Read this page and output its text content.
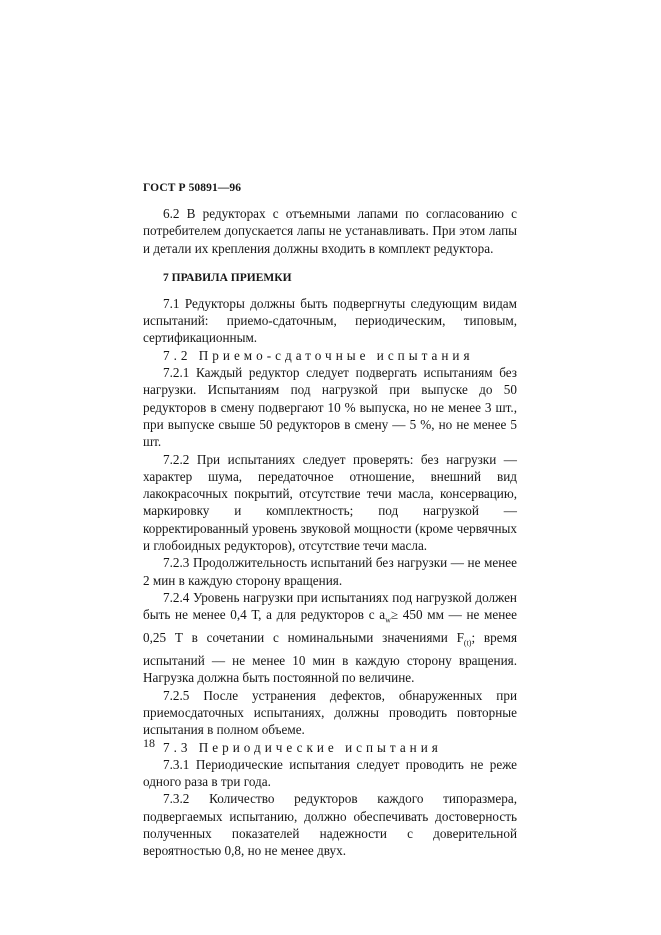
ГОСТ Р 50891—96

6.2 В редукторах с отъемными лапами по согласованию с потребителем допускается лапы не устанавливать. При этом лапы и детали их крепления должны входить в комплект редуктора.

7 ПРАВИЛА ПРИЕМКИ

7.1 Редукторы должны быть подвергнуты следующим видам испытаний: приемо-сдаточным, периодическим, типовым, сертификационным.

7.2 Приемо-сдаточные испытания

7.2.1 Каждый редуктор следует подвергать испытаниям без нагрузки. Испытаниям под нагрузкой при выпуске до 50 редукторов в смену подвергают 10 % выпуска, но не менее 3 шт., при выпуске свыше 50 редукторов в смену — 5 %, но не менее 5 шт.

7.2.2 При испытаниях следует проверять: без нагрузки — характер шума, передаточное отношение, внешний вид лакокрасочных покрытий, отсутствие течи масла, консервацию, маркировку и комплектность; под нагрузкой — корректированный уровень звуковой мощности (кроме червячных и глобоидных редукторов), отсутствие течи масла.

7.2.3 Продолжительность испытаний без нагрузки — не менее 2 мин в каждую сторону вращения.

7.2.4 Уровень нагрузки при испытаниях под нагрузкой должен быть не менее 0,4 Т, а для редукторов с $a_w\ge 450$ мм — не менее 0,25 Т в сочетании с номинальными значениями $F_{(t)}$; время испытаний — не менее 10 мин в каждую сторону вращения. Нагрузка должна быть постоянной по величине.

7.2.5 После устранения дефектов, обнаруженных при приемосдаточных испытаниях, должны проводить повторные испытания в полном объеме.

7.3 Периодические испытания

7.3.1 Периодические испытания следует проводить не реже одного раза в три года.

7.3.2 Количество редукторов каждого типоразмера, подвергаемых испытанию, должно обеспечивать достоверность полученных показателей надежности с доверительной вероятностью 0,8, но не менее двух.

18
